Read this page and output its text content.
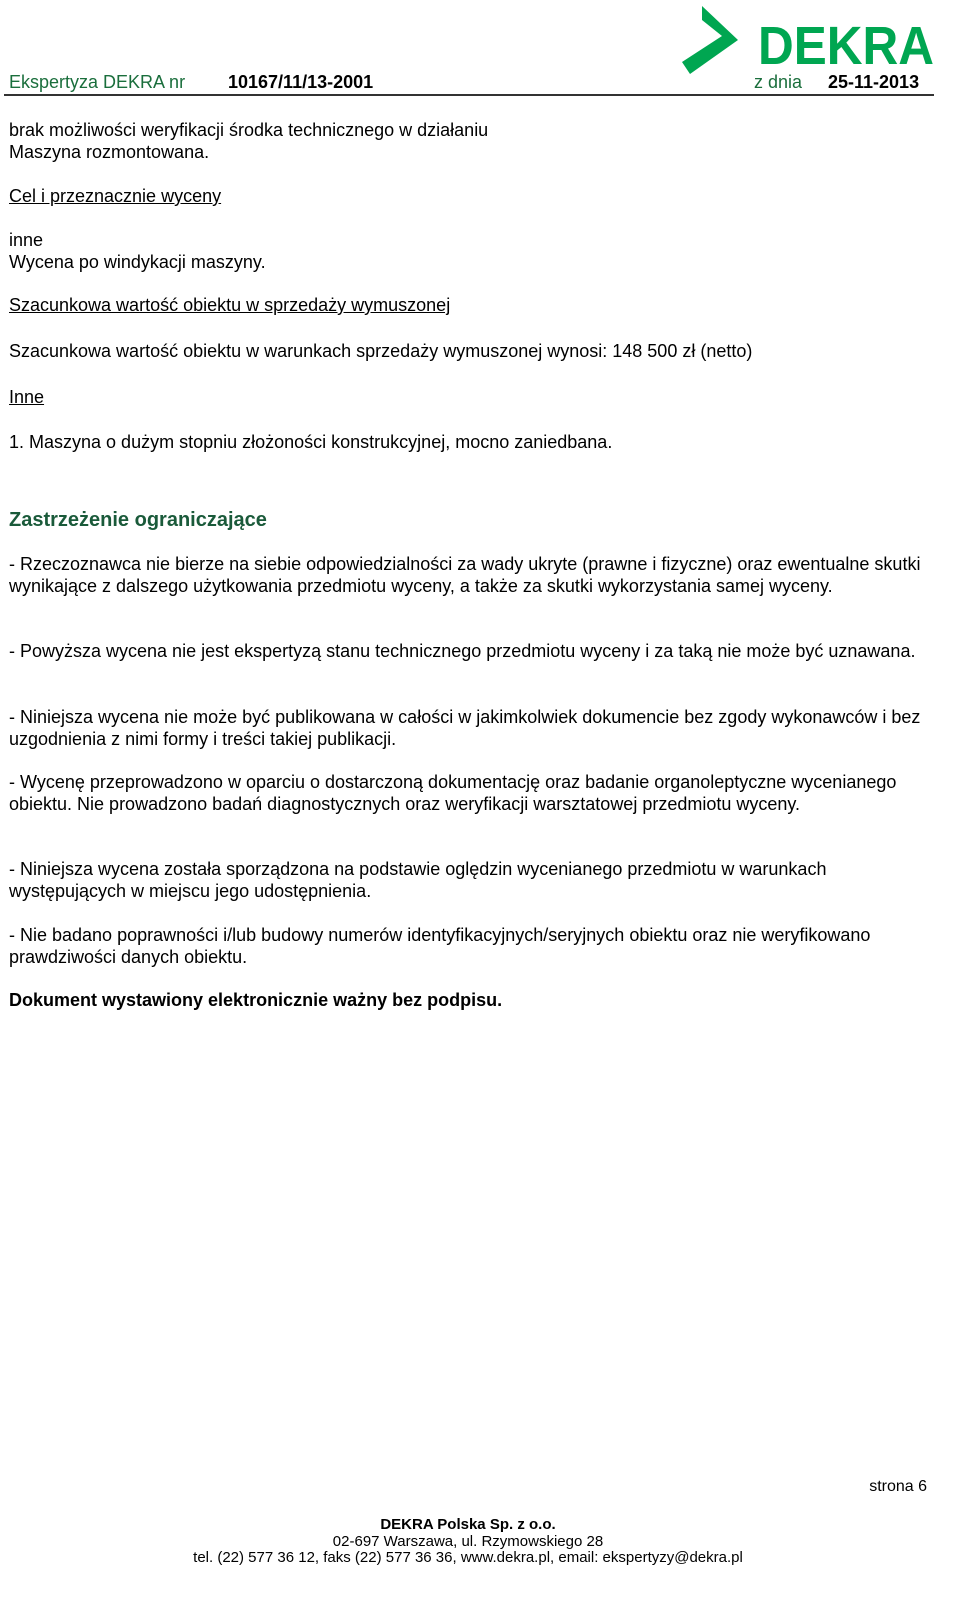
Ekspertyza DEKRA nr 10167/11/13-2001	z dnia 25-11-2013
DEKRA
brak możliwości weryfikacji środka technicznego w działaniu
Maszyna rozmontowana.
Cel i przeznacznie wyceny
inne
Wycena po windykacji maszyny.
Szacunkowa wartość obiektu w sprzedaży wymuszonej
Szacunkowa wartość obiektu w warunkach sprzedaży wymuszonej wynosi: 148 500 zł (netto)
Inne
1. Maszyna o dużym stopniu złożoności konstrukcyjnej, mocno zaniedbana.
Zastrzeżenie ograniczające
- Rzeczoznawca nie bierze na siebie odpowiedzialności za wady ukryte (prawne i fizyczne) oraz ewentualne skutki wynikające z dalszego użytkowania przedmiotu wyceny, a także za skutki wykorzystania samej wyceny.
- Powyższa wycena nie jest ekspertyzą stanu technicznego przedmiotu wyceny i za taką nie może być uznawana.
- Niniejsza wycena nie może być publikowana w całości w jakimkolwiek dokumencie bez zgody wykonawców i bez uzgodnienia z nimi formy i treści takiej publikacji.
- Wycenę przeprowadzono w oparciu o dostarczoną dokumentację oraz badanie organoleptyczne wycenianego obiektu. Nie prowadzono badań diagnostycznych oraz weryfikacji warsztatowej przedmiotu wyceny.
- Niniejsza wycena została sporządzona na podstawie oględzin wycenianego przedmiotu w warunkach występujących w miejscu jego udostępnienia.
- Nie badano poprawności i/lub budowy numerów identyfikacyjnych/seryjnych obiektu oraz nie weryfikowano prawdziwości danych obiektu.
Dokument wystawiony elektronicznie ważny bez podpisu.
strona 6
DEKRA Polska Sp. z o.o.
02-697 Warszawa, ul. Rzymowskiego 28
tel. (22) 577 36 12, faks (22) 577 36 36, www.dekra.pl, email: ekspertyzy@dekra.pl
